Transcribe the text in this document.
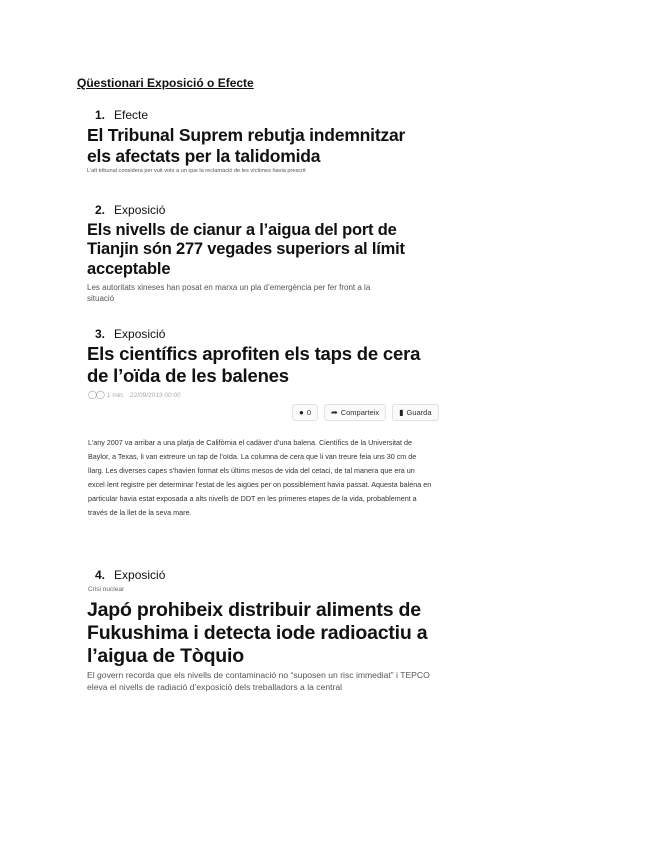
Qüestionari Exposició o Efecte
1. Efecte
El Tribunal Suprem rebutja indemnitzar els afectats per la talidomida
L'alt tribunal considera per vuit vots a un que la reclamació de les víctimes havia prescrit
2. Exposició
Els nivells de cianur a l’aigua del port de Tianjin són 277 vegades superiors al límit acceptable
Les autoritats xineses han posat en marxa un pla d’emergència per fer front a la situació
3. Exposició
Els científics aprofiten els taps de cera de l’oïda de les balenes
◯◯ 1 min. 22/09/2013 00:00
● 0	➦ Comparteix	▮ Guarda
L’any 2007 va arribar a una platja de Califòrnia el cadàver d’una balena. Científics de la Universitat de Baylor, a Texas, li van extreure un tap de l’oïda. La columna de cera que li van treure feia uns 30 cm de llarg. Les diverses capes s’havien format els últims mesos de vida del cetaci, de tal manera que era un excel·lent registre per determinar l’estat de les aigües per on possiblement havia passat. Aquesta balena en particular havia estat exposada a alts nivells de DDT en les primeres etapes de la vida, probablement a través de la llet de la seva mare.
4. Exposició
Crisi nuclear
Japó prohibeix distribuir aliments de Fukushima i detecta iode radioactiu a l’aigua de Tòquio
El govern recorda que els nivells de contaminació no “suposen un risc immediat” i TEPCO eleva el nivells de radiació d’exposició dels treballadors a la central
